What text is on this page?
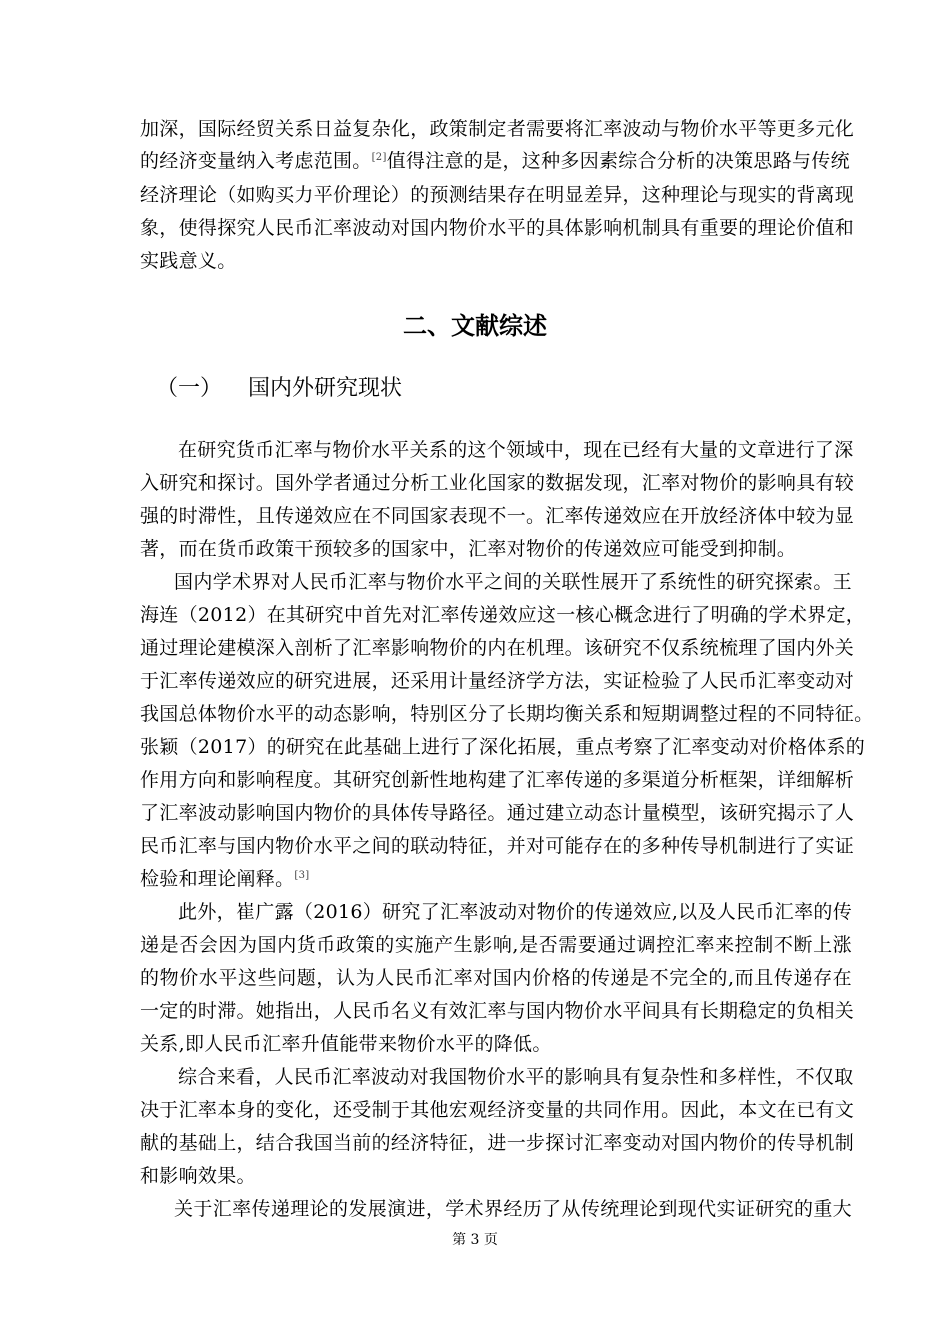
加深，国际经贸关系日益复杂化，政策制定者需要将汇率波动与物价水平等更多元化
的经济变量纳入考虑范围。[2]值得注意的是，这种多因素综合分析的决策思路与传统
经济理论（如购买力平价理论）的预测结果存在明显差异，这种理论与现实的背离现
象，使得探究人民币汇率波动对国内物价水平的具体影响机制具有重要的理论价值和
实践意义。
二、文献综述
（一） 国内外研究现状
在研究货币汇率与物价水平关系的这个领域中，现在已经有大量的文章进行了深
入研究和探讨。国外学者通过分析工业化国家的数据发现，汇率对物价的影响具有较
强的时滞性，且传递效应在不同国家表现不一。汇率传递效应在开放经济体中较为显
著，而在货币政策干预较多的国家中，汇率对物价的传递效应可能受到抑制。
国内学术界对人民币汇率与物价水平之间的关联性展开了系统性的研究探索。王
海连（2012）在其研究中首先对汇率传递效应这一核心概念进行了明确的学术界定，
通过理论建模深入剖析了汇率影响物价的内在机理。该研究不仅系统梳理了国内外关
于汇率传递效应的研究进展，还采用计量经济学方法，实证检验了人民币汇率变动对
我国总体物价水平的动态影响，特别区分了长期均衡关系和短期调整过程的不同特征。
张颖（2017）的研究在此基础上进行了深化拓展，重点考察了汇率变动对价格体系的
作用方向和影响程度。其研究创新性地构建了汇率传递的多渠道分析框架，详细解析
了汇率波动影响国内物价的具体传导路径。通过建立动态计量模型，该研究揭示了人
民币汇率与国内物价水平之间的联动特征，并对可能存在的多种传导机制进行了实证
检验和理论阐释。[3]
此外，崔广露（2016）研究了汇率波动对物价的传递效应,以及人民币汇率的传
递是否会因为国内货币政策的实施产生影响,是否需要通过调控汇率来控制不断上涨
的物价水平这些问题，认为人民币汇率对国内价格的传递是不完全的,而且传递存在
一定的时滞。她指出，人民币名义有效汇率与国内物价水平间具有长期稳定的负相关
关系,即人民币汇率升值能带来物价水平的降低。
综合来看，人民币汇率波动对我国物价水平的影响具有复杂性和多样性，不仅取
决于汇率本身的变化，还受制于其他宏观经济变量的共同作用。因此，本文在已有文
献的基础上，结合我国当前的经济特征，进一步探讨汇率变动对国内物价的传导机制
和影响效果。
关于汇率传递理论的发展演进，学术界经历了从传统理论到现代实证研究的重大
第 3 页
